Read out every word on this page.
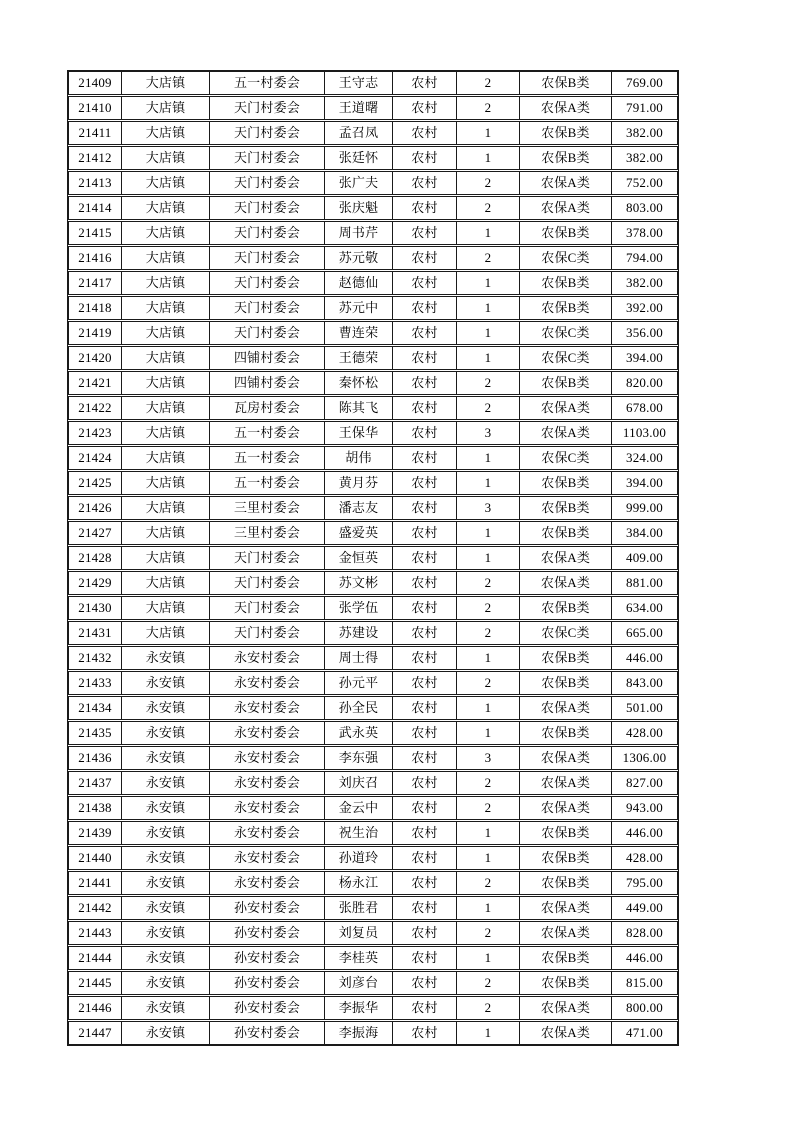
21409	大店镇	五一村委会	王守志	农村	2	农保B类	769.00
21410	大店镇	天门村委会	王道曙	农村	2	农保A类	791.00
21411	大店镇	天门村委会	孟召凤	农村	1	农保B类	382.00
21412	大店镇	天门村委会	张廷怀	农村	1	农保B类	382.00
21413	大店镇	天门村委会	张广夫	农村	2	农保A类	752.00
21414	大店镇	天门村委会	张庆魁	农村	2	农保A类	803.00
21415	大店镇	天门村委会	周书芹	农村	1	农保B类	378.00
21416	大店镇	天门村委会	苏元敬	农村	2	农保C类	794.00
21417	大店镇	天门村委会	赵德仙	农村	1	农保B类	382.00
21418	大店镇	天门村委会	苏元中	农村	1	农保B类	392.00
21419	大店镇	天门村委会	曹连荣	农村	1	农保C类	356.00
21420	大店镇	四铺村委会	王德荣	农村	1	农保C类	394.00
21421	大店镇	四铺村委会	秦怀松	农村	2	农保B类	820.00
21422	大店镇	瓦房村委会	陈其飞	农村	2	农保A类	678.00
21423	大店镇	五一村委会	王保华	农村	3	农保A类	1103.00
21424	大店镇	五一村委会	胡伟	农村	1	农保C类	324.00
21425	大店镇	五一村委会	黄月芬	农村	1	农保B类	394.00
21426	大店镇	三里村委会	潘志友	农村	3	农保B类	999.00
21427	大店镇	三里村委会	盛爱英	农村	1	农保B类	384.00
21428	大店镇	天门村委会	金恒英	农村	1	农保A类	409.00
21429	大店镇	天门村委会	苏文彬	农村	2	农保A类	881.00
21430	大店镇	天门村委会	张学伍	农村	2	农保B类	634.00
21431	大店镇	天门村委会	苏建设	农村	2	农保C类	665.00
21432	永安镇	永安村委会	周士得	农村	1	农保B类	446.00
21433	永安镇	永安村委会	孙元平	农村	2	农保B类	843.00
21434	永安镇	永安村委会	孙全民	农村	1	农保A类	501.00
21435	永安镇	永安村委会	武永英	农村	1	农保B类	428.00
21436	永安镇	永安村委会	李东强	农村	3	农保A类	1306.00
21437	永安镇	永安村委会	刘庆召	农村	2	农保A类	827.00
21438	永安镇	永安村委会	金云中	农村	2	农保A类	943.00
21439	永安镇	永安村委会	祝生治	农村	1	农保B类	446.00
21440	永安镇	永安村委会	孙道玲	农村	1	农保B类	428.00
21441	永安镇	永安村委会	杨永江	农村	2	农保B类	795.00
21442	永安镇	孙安村委会	张胜君	农村	1	农保A类	449.00
21443	永安镇	孙安村委会	刘复员	农村	2	农保A类	828.00
21444	永安镇	孙安村委会	李桂英	农村	1	农保B类	446.00
21445	永安镇	孙安村委会	刘彦台	农村	2	农保B类	815.00
21446	永安镇	孙安村委会	李振华	农村	2	农保A类	800.00
21447	永安镇	孙安村委会	李振海	农村	1	农保A类	471.00
